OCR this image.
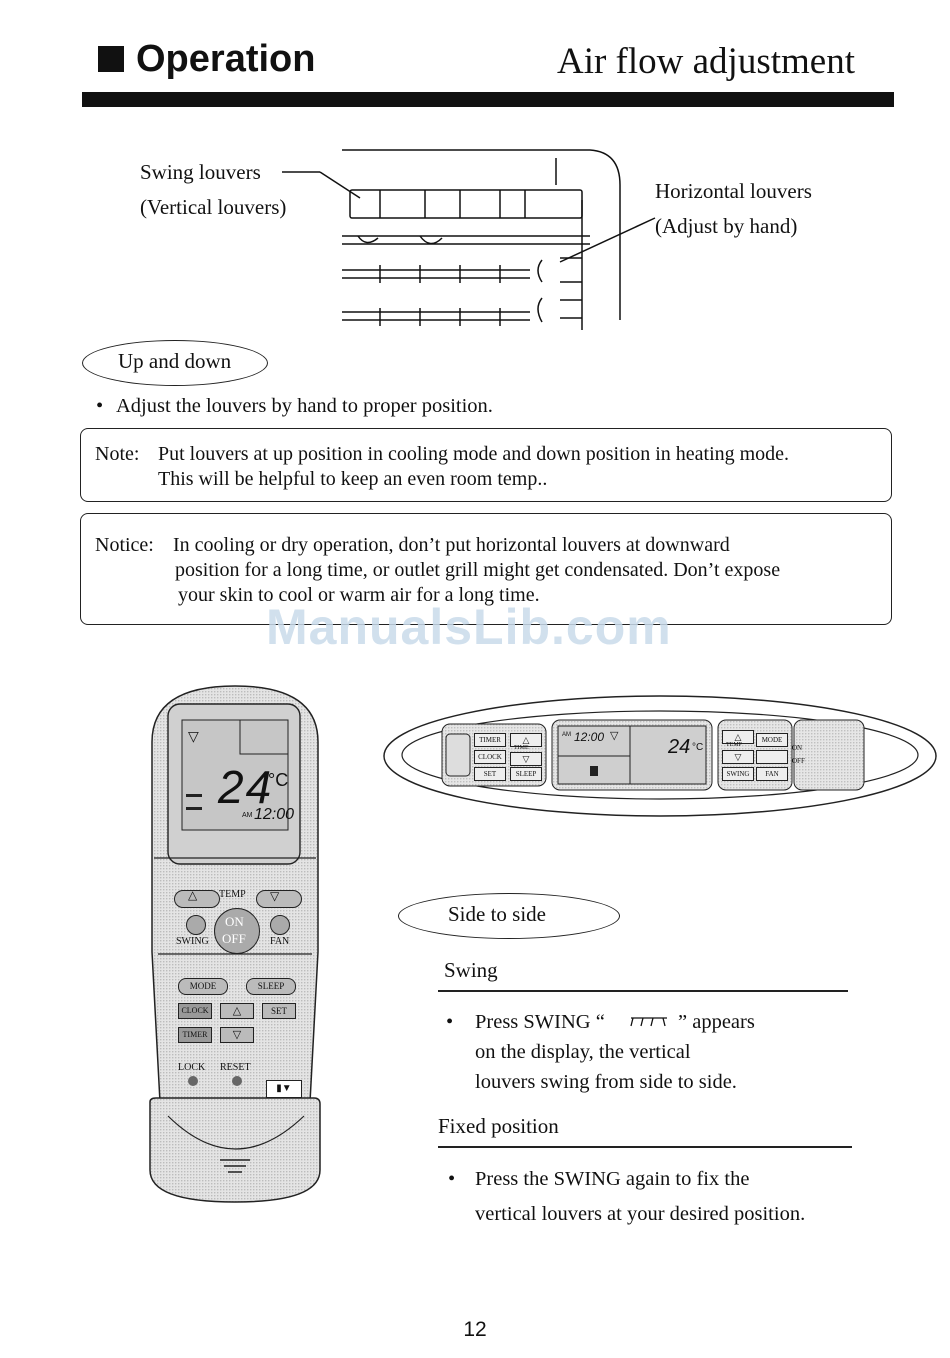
Operation	Air flow adjustment
Swing louvers
(Vertical louvers)
Horizontal louvers
(Adjust by hand)
Up and down
• Adjust the louvers by hand to proper position.
Note: Put louvers at up position in cooling mode and down position in heating mode.
This will be helpful to keep an even room temp..
Notice: In cooling or dry operation, don’t put horizontal louvers at downward
position for a long time, or outlet grill might get condensated. Don’t expose
your skin to cool or warm air for a long time.
ManualsLib.com
▽
24
°C
AM 12:00
△ TEMP ▽
SWING
ON
OFF FAN
MODE	SLEEP
CLOCK	△	SET
TIMER	▽
LOCK RESET
▮▼
TIMER
CLOCK
SET
△
TIME
▽
SLEEP
AM 12:00 ▽ 24 °C
△
TEMP
▽
SWING
MODE
FAN
ON
OFF
Side to side
Swing
• Press SWING “	” appears
on the display, the vertical
louvers swing from side to side.
Fixed position
• Press the SWING again to fix the
vertical louvers at your desired position.
12
